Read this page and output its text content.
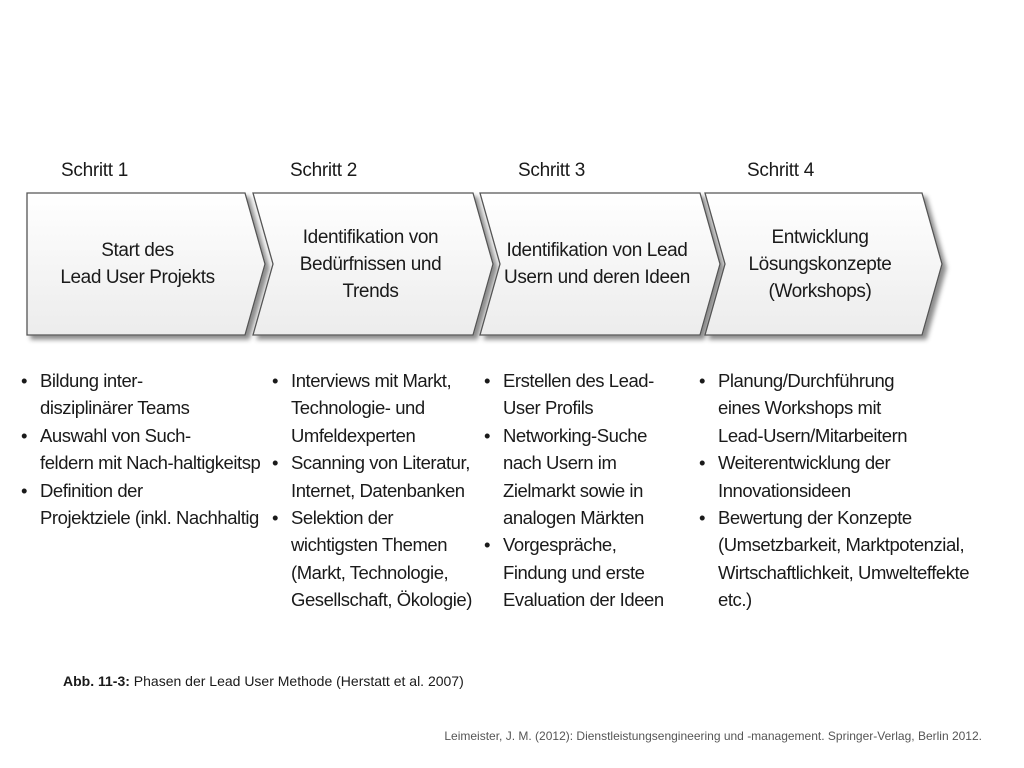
Schritt 1	Schritt 2	Schritt 3	Schritt 4
Start des
Lead User Projekts
Identifikation von
Bedürfnissen und
Trends
Identifikation von Lead
Usern und deren Ideen
Entwicklung
Lösungskonzepte
(Workshops)
• Bildung inter-
disziplinärer Teams
• Auswahl von Such-
feldern mit Nach-haltigkeitsp
• Definition der
Projektziele (inkl. Nachhaltig
• Interviews mit Markt,
Technologie- und
Umfeldexperten
• Scanning von Literatur,
Internet, Datenbanken
• Selektion der
wichtigsten Themen
(Markt, Technologie,
Gesellschaft, Ökologie)
• Erstellen des Lead-
User Profils
• Networking-Suche
nach Usern im
Zielmarkt sowie in
analogen Märkten
• Vorgespräche,
Findung und erste
Evaluation der Ideen
• Planung/Durchführung
eines Workshops mit
Lead-Usern/Mitarbeitern
• Weiterentwicklung der
Innovationsideen
• Bewertung der Konzepte
(Umsetzbarkeit, Marktpotenzial,
Wirtschaftlichkeit, Umwelteffekte
etc.)
Abb. 11-3: Phasen der Lead User Methode (Herstatt et al. 2007)
Leimeister, J. M. (2012): Dienstleistungsengineering und -management. Springer-Verlag, Berlin 2012.
